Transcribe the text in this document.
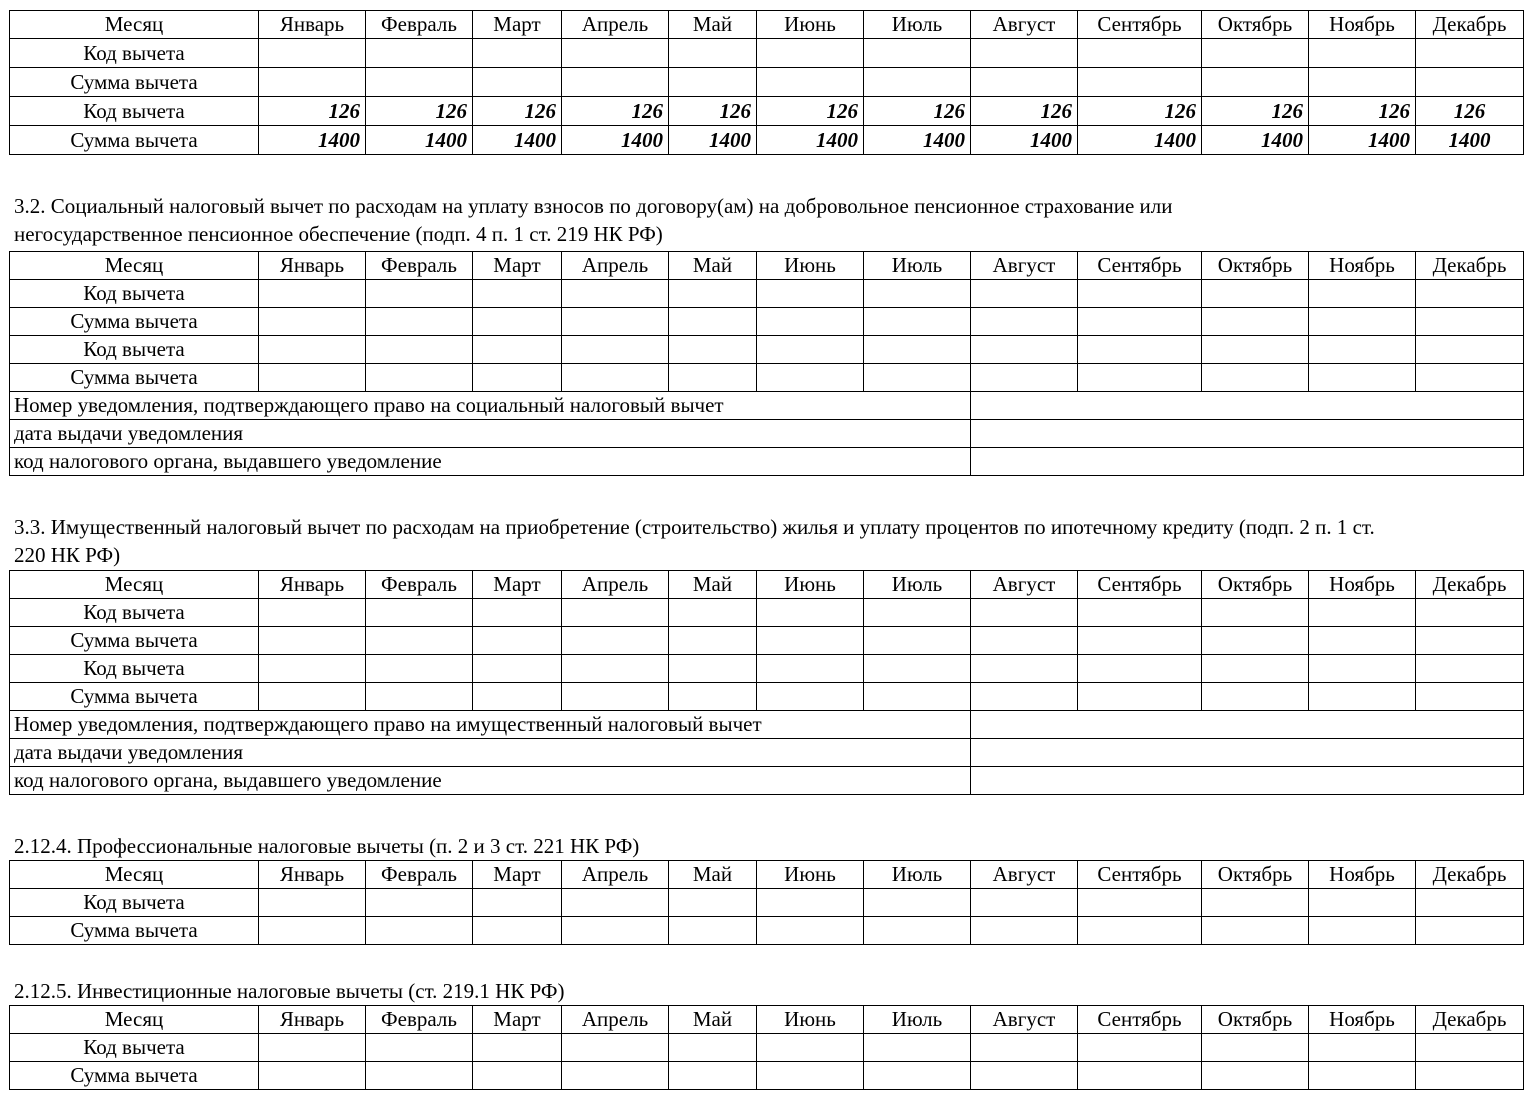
Месяц	Январь	Февраль	Март	Апрель	Май	Июнь	Июль	Август	Сентябрь	Октябрь	Ноябрь	Декабрь
Код вычета												
Сумма вычета												
Код вычета	126	126	126	126	126	126	126	126	126	126	126	126
Сумма вычета	1400	1400	1400	1400	1400	1400	1400	1400	1400	1400	1400	1400
3.2. Социальный налоговый вычет по расходам на уплату взносов по договору(ам) на добровольное пенсионное страхование или
негосударственное пенсионное обеспечение (подп. 4 п. 1 ст. 219 НК РФ)
Месяц	Январь	Февраль	Март	Апрель	Май	Июнь	Июль	Август	Сентябрь	Октябрь	Ноябрь	Декабрь
Код вычета												
Сумма вычета												
Код вычета												
Сумма вычета												
Номер уведомления, подтверждающего право на социальный налоговый вычет												
дата выдачи уведомления												
код налогового органа, выдавшего уведомление												
3.3. Имущественный налоговый вычет по расходам на приобретение (строительство) жилья и уплату процентов по ипотечному кредиту (подп. 2 п. 1 ст.
220 НК РФ)
Месяц	Январь	Февраль	Март	Апрель	Май	Июнь	Июль	Август	Сентябрь	Октябрь	Ноябрь	Декабрь
Код вычета												
Сумма вычета												
Код вычета												
Сумма вычета												
Номер уведомления, подтверждающего право на имущественный налоговый вычет												
дата выдачи уведомления												
код налогового органа, выдавшего уведомление												
2.12.4. Профессиональные налоговые вычеты (п. 2 и 3 ст. 221 НК РФ)
Месяц	Январь	Февраль	Март	Апрель	Май	Июнь	Июль	Август	Сентябрь	Октябрь	Ноябрь	Декабрь
Код вычета												
Сумма вычета												
2.12.5. Инвестиционные налоговые вычеты (ст. 219.1 НК РФ)
Месяц	Январь	Февраль	Март	Апрель	Май	Июнь	Июль	Август	Сентябрь	Октябрь	Ноябрь	Декабрь
Код вычета												
Сумма вычета												
